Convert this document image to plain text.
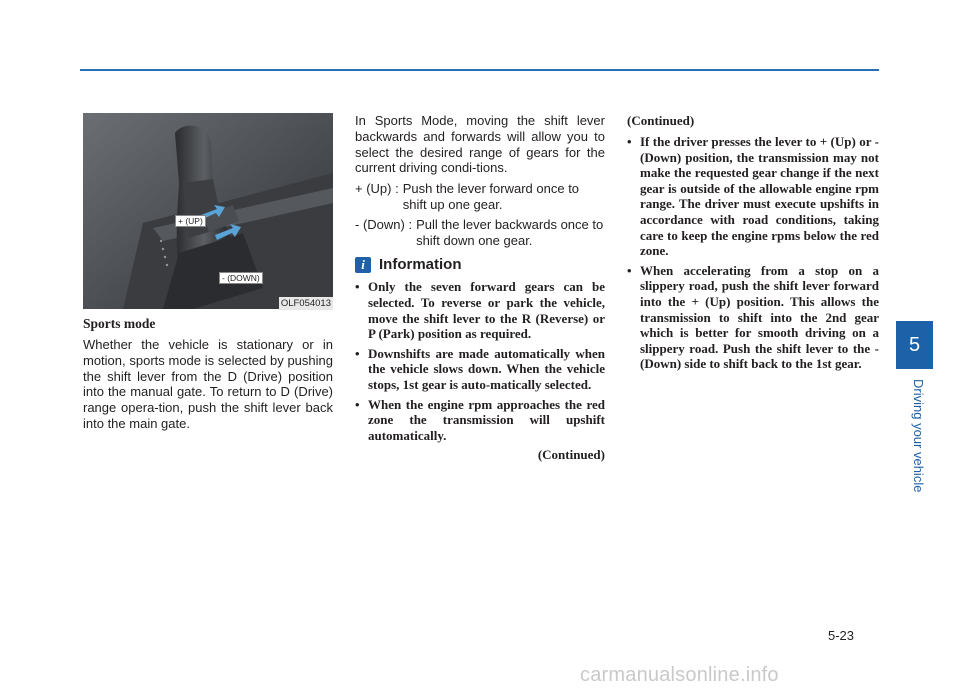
+ (UP)
- (DOWN)
OLF054013
Sports mode

Whether the vehicle is stationary or in motion, sports mode is selected by pushing the shift lever from the D (Drive) position into the manual gate. To return to D (Drive) range opera-tion, push the shift lever back into the main gate.

In Sports Mode, moving the shift lever backwards and forwards will allow you to select the desired range of gears for the current driving condi-tions.

+ (Up) : Push the lever forward once to shift up one gear.
- (Down) : Pull the lever backwards once to shift down one gear.
i Information
• Only the seven forward gears can be selected. To reverse or park the vehicle, move the shift lever to the R (Reverse) or P (Park) position as required.
• Downshifts are made automatically when the vehicle slows down. When the vehicle stops, 1st gear is auto-matically selected.
• When the engine rpm approaches the red zone the transmission will upshift automatically.
(Continued)
(Continued)
• If the driver presses the lever to + (Up) or - (Down) position, the transmission may not make the requested gear change if the next gear is outside of the allowable engine rpm range. The driver must execute upshifts in accordance with road conditions, taking care to keep the engine rpms below the red zone.
• When accelerating from a stop on a slippery road, push the shift lever forward into the + (Up) position. This allows the transmission to shift into the 2nd gear which is better for smooth driving on a slippery road. Push the shift lever to the - (Down) side to shift back to the 1st gear.
5
Driving your vehicle
5-23
carmanualsonline.info
